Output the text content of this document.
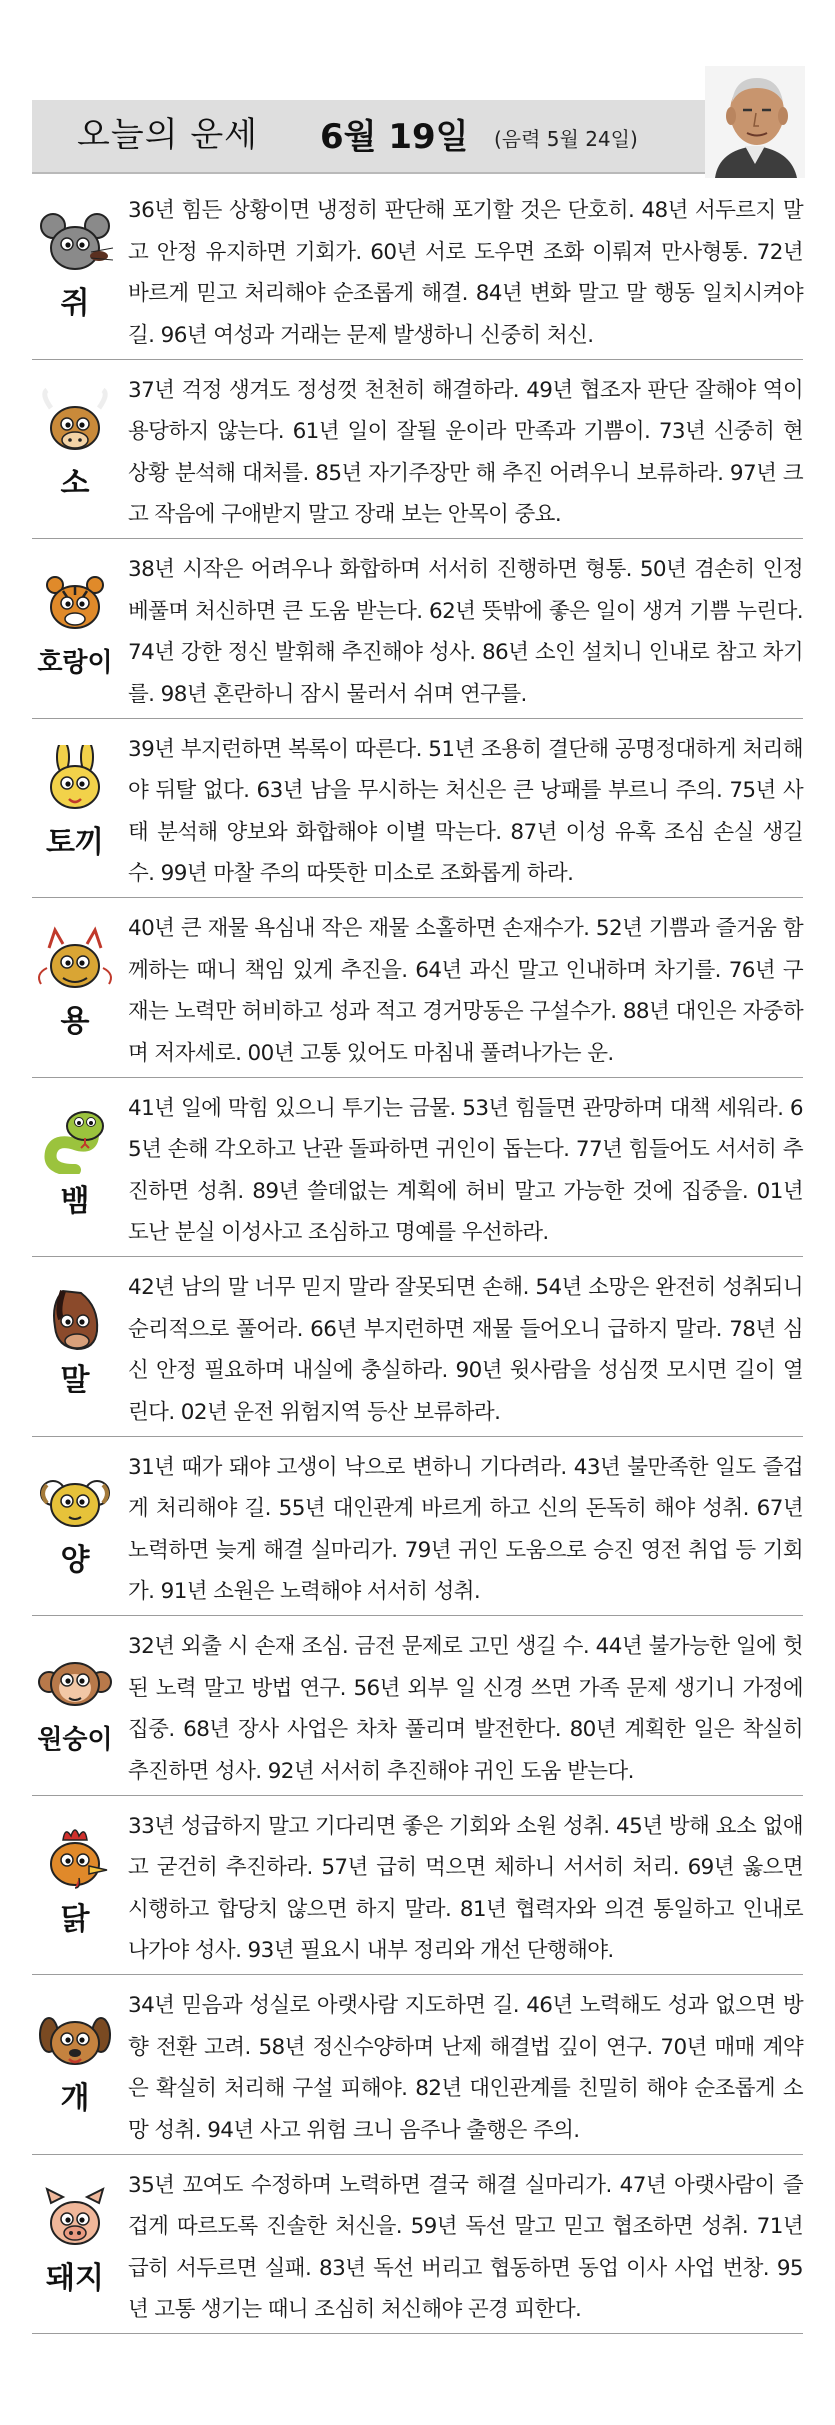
오늘의 운세 6월 19일 (음력 5월 24일)
쥐
36년 힘든 상황이면 냉정히 판단해 포기할 것은 단호히. 48년 서두르지 말고 안정 유지하면 기회가. 60년 서로 도우면 조화 이뤄져 만사형통. 72년 바르게 믿고 처리해야 순조롭게 해결. 84년 변화 말고 말 행동 일치시켜야 길. 96년 여성과 거래는 문제 발생하니 신중히 처신.
소
37년 걱정 생겨도 정성껏 천천히 해결하라. 49년 협조자 판단 잘해야 역이용당하지 않는다. 61년 일이 잘될 운이라 만족과 기쁨이. 73년 신중히 현 상황 분석해 대처를. 85년 자기주장만 해 추진 어려우니 보류하라. 97년 크고 작음에 구애받지 말고 장래 보는 안목이 중요.
호랑이
38년 시작은 어려우나 화합하며 서서히 진행하면 형통. 50년 겸손히 인정 베풀며 처신하면 큰 도움 받는다. 62년 뜻밖에 좋은 일이 생겨 기쁨 누린다. 74년 강한 정신 발휘해 추진해야 성사. 86년 소인 설치니 인내로 참고 차기를. 98년 혼란하니 잠시 물러서 쉬며 연구를.
토끼
39년 부지런하면 복록이 따른다. 51년 조용히 결단해 공명정대하게 처리해야 뒤탈 없다. 63년 남을 무시하는 처신은 큰 낭패를 부르니 주의. 75년 사태 분석해 양보와 화합해야 이별 막는다. 87년 이성 유혹 조심 손실 생길 수. 99년 마찰 주의 따뜻한 미소로 조화롭게 하라.
용
40년 큰 재물 욕심내 작은 재물 소홀하면 손재수가. 52년 기쁨과 즐거움 함께하는 때니 책임 있게 추진을. 64년 과신 말고 인내하며 차기를. 76년 구재는 노력만 허비하고 성과 적고 경거망동은 구설수가. 88년 대인은 자중하며 저자세로. 00년 고통 있어도 마침내 풀려나가는 운.
뱀
41년 일에 막힘 있으니 투기는 금물. 53년 힘들면 관망하며 대책 세워라. 65년 손해 각오하고 난관 돌파하면 귀인이 돕는다. 77년 힘들어도 서서히 추진하면 성취. 89년 쓸데없는 계획에 허비 말고 가능한 것에 집중을. 01년 도난 분실 이성사고 조심하고 명예를 우선하라.
말
42년 남의 말 너무 믿지 말라 잘못되면 손해. 54년 소망은 완전히 성취되니 순리적으로 풀어라. 66년 부지런하면 재물 들어오니 급하지 말라. 78년 심신 안정 필요하며 내실에 충실하라. 90년 윗사람을 성심껏 모시면 길이 열린다. 02년 운전 위험지역 등산 보류하라.
양
31년 때가 돼야 고생이 낙으로 변하니 기다려라. 43년 불만족한 일도 즐겁게 처리해야 길. 55년 대인관계 바르게 하고 신의 돈독히 해야 성취. 67년 노력하면 늦게 해결 실마리가. 79년 귀인 도움으로 승진 영전 취업 등 기회가. 91년 소원은 노력해야 서서히 성취.
원숭이
32년 외출 시 손재 조심. 금전 문제로 고민 생길 수. 44년 불가능한 일에 헛된 노력 말고 방법 연구. 56년 외부 일 신경 쓰면 가족 문제 생기니 가정에 집중. 68년 장사 사업은 차차 풀리며 발전한다. 80년 계획한 일은 착실히 추진하면 성사. 92년 서서히 추진해야 귀인 도움 받는다.
닭
33년 성급하지 말고 기다리면 좋은 기회와 소원 성취. 45년 방해 요소 없애고 굳건히 추진하라. 57년 급히 먹으면 체하니 서서히 처리. 69년 옳으면 시행하고 합당치 않으면 하지 말라. 81년 협력자와 의견 통일하고 인내로 나가야 성사. 93년 필요시 내부 정리와 개선 단행해야.
개
34년 믿음과 성실로 아랫사람 지도하면 길. 46년 노력해도 성과 없으면 방향 전환 고려. 58년 정신수양하며 난제 해결법 깊이 연구. 70년 매매 계약은 확실히 처리해 구설 피해야. 82년 대인관계를 친밀히 해야 순조롭게 소망 성취. 94년 사고 위험 크니 음주나 출행은 주의.
돼지
35년 꼬여도 수정하며 노력하면 결국 해결 실마리가. 47년 아랫사람이 즐겁게 따르도록 진솔한 처신을. 59년 독선 말고 믿고 협조하면 성취. 71년 급히 서두르면 실패. 83년 독선 버리고 협동하면 동업 이사 사업 번창. 95년 고통 생기는 때니 조심히 처신해야 곤경 피한다.
